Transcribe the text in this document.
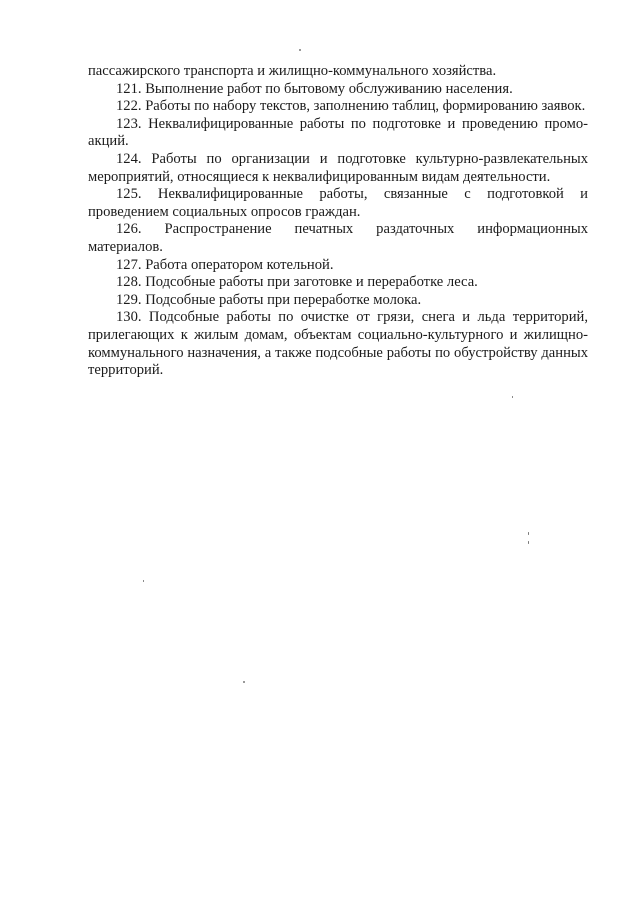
пассажирского транспорта и жилищно-коммунального хозяйства.

121. Выполнение работ по бытовому обслуживанию населения.

122. Работы по набору текстов, заполнению таблиц, формированию заявок.

123. Неквалифицированные работы по подготовке и проведению промо-акций.

124. Работы по организации и подготовке культурно-развлекательных мероприятий, относящиеся к неквалифицированным видам деятельности.

125. Неквалифицированные работы, связанные с подготовкой и проведением социальных опросов граждан.

126. Распространение печатных раздаточных информационных материалов.

127. Работа оператором котельной.

128. Подсобные работы при заготовке и переработке леса.

129. Подсобные работы при переработке молока.

130. Подсобные работы по очистке от грязи, снега и льда территорий, прилегающих к жилым домам, объектам социально-культурного и жилищно-коммунального назначения, а также подсобные работы по обустройству данных территорий.
